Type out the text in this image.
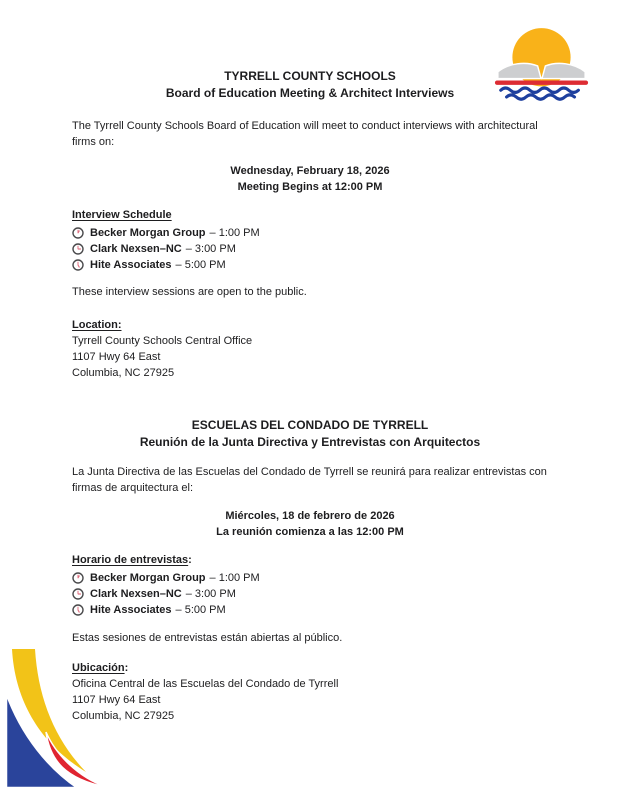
TYRRELL COUNTY SCHOOLS
Board of Education Meeting & Architect Interviews

The Tyrrell County Schools Board of Education will meet to conduct interviews with architectural firms on:

Wednesday, February 18, 2026
Meeting Begins at 12:00 PM
Interview Schedule
Becker Morgan Group – 1:00 PM
Clark Nexsen–NC – 3:00 PM
Hite Associates – 5:00 PM

These interview sessions are open to the public.

Location:
Tyrrell County Schools Central Office
1107 Hwy 64 East
Columbia, NC 27925
ESCUELAS DEL CONDADO DE TYRRELL
Reunión de la Junta Directiva y Entrevistas con Arquitectos

La Junta Directiva de las Escuelas del Condado de Tyrrell se reunirá para realizar entrevistas con firmas de arquitectura el:

Miércoles, 18 de febrero de 2026
La reunión comienza a las 12:00 PM
Horario de entrevistas:
Becker Morgan Group – 1:00 PM
Clark Nexsen–NC – 3:00 PM
Hite Associates – 5:00 PM

Estas sesiones de entrevistas están abiertas al público.

Ubicación:
Oficina Central de las Escuelas del Condado de Tyrrell
1107 Hwy 64 East
Columbia, NC 27925
